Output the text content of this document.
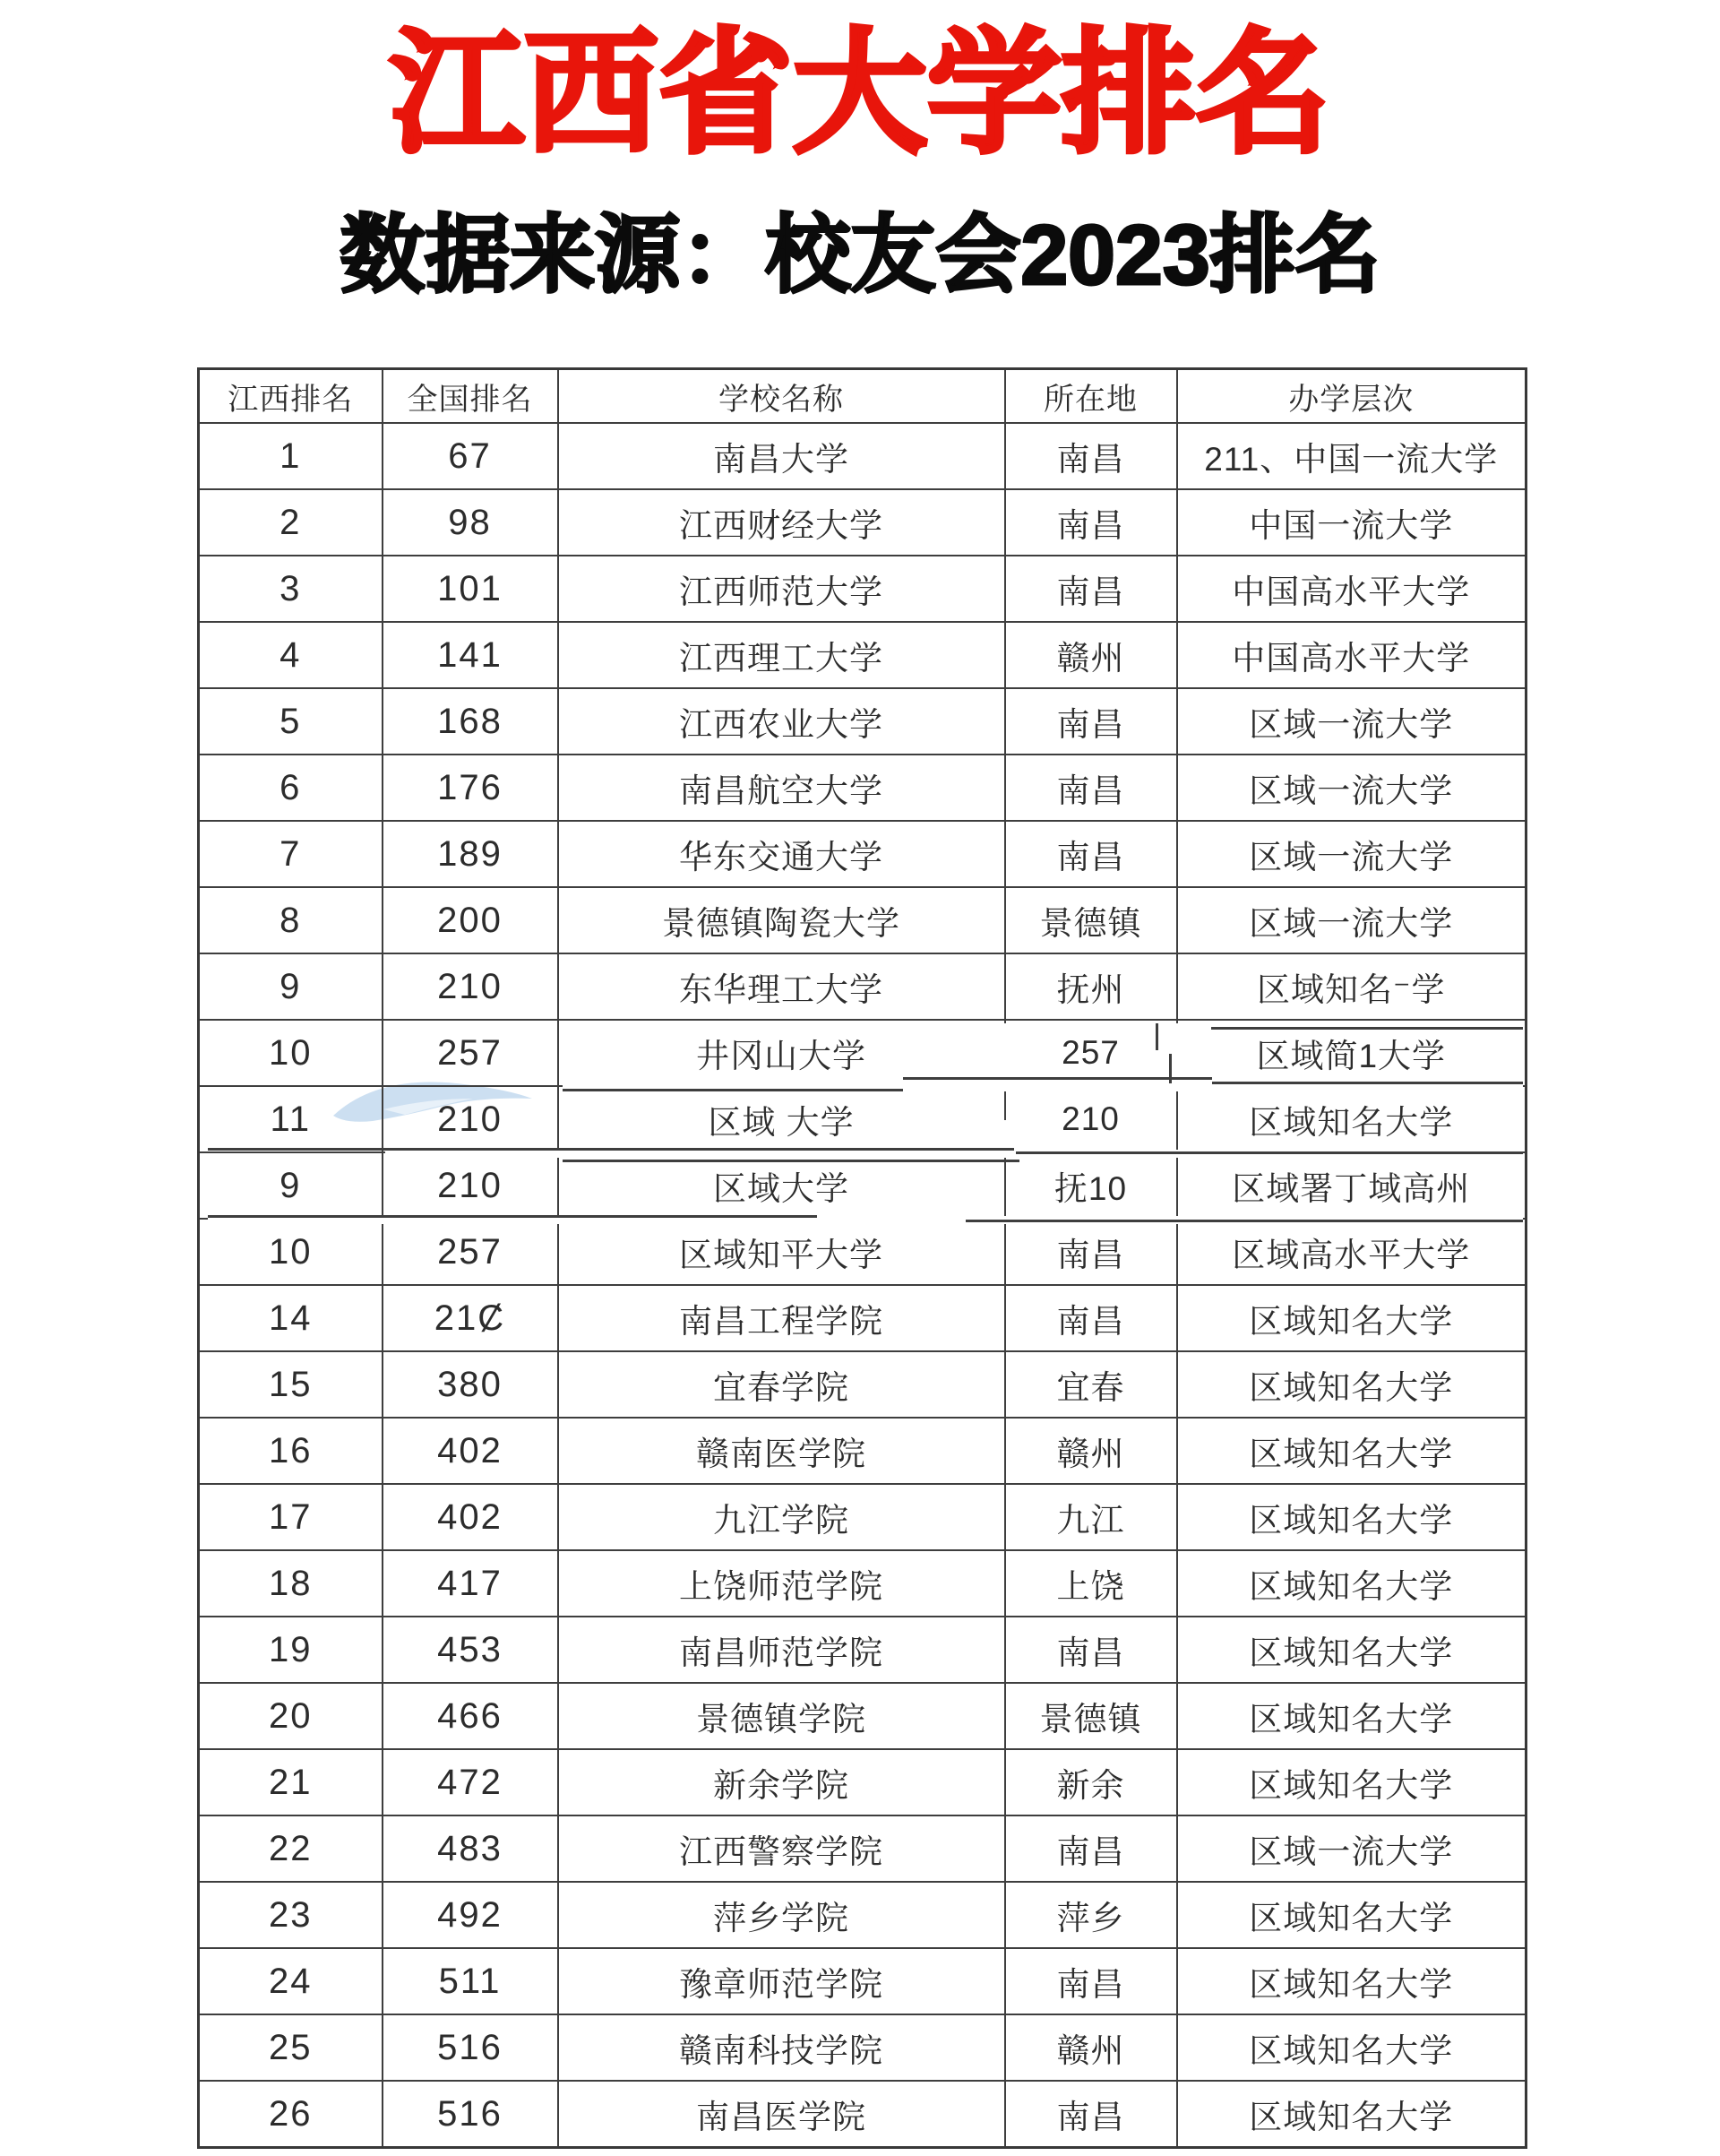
江西省大学排名
数据来源：校友会2023排名
江西排名	全国排名	学校名称	所在地	办学层次
1	67	南昌大学	南昌	211、中国一流大学
2	98	江西财经大学	南昌	中国一流大学
3	101	江西师范大学	南昌	中国高水平大学
4	141	江西理工大学	赣州	中国高水平大学
5	168	江西农业大学	南昌	区域一流大学
6	176	南昌航空大学	南昌	区域一流大学
7	189	华东交通大学	南昌	区域一流大学
8	200	景德镇陶瓷大学	景德镇	区域一流大学
9	210	东华理工大学	抚州	区域知名⁻学
10	257	井冈山大学	257	区域简1大学
11	210	区域 大学	210	区域知名大学
9	210	区域大学	抚10	区域署丁域高州
10	257	区域知平大学	南昌	区域高水平大学
14	21Ȼ	南昌工程学院	南昌	区域知名大学
15	380	宜春学院	宜春	区域知名大学
16	402	赣南医学院	赣州	区域知名大学
17	402	九江学院	九江	区域知名大学
18	417	上饶师范学院	上饶	区域知名大学
19	453	南昌师范学院	南昌	区域知名大学
20	466	景德镇学院	景德镇	区域知名大学
21	472	新余学院	新余	区域知名大学
22	483	江西警察学院	南昌	区域一流大学
23	492	萍乡学院	萍乡	区域知名大学
24	511	豫章师范学院	南昌	区域知名大学
25	516	赣南科技学院	赣州	区域知名大学
26	516	南昌医学院	南昌	区域知名大学
